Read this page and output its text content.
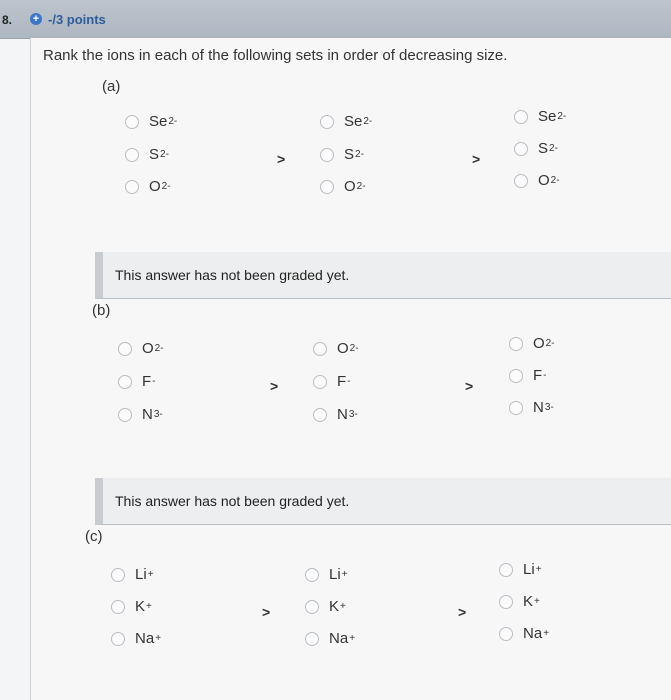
8. + -/3 points
Rank the ions in each of the following sets in order of decreasing size.
(a)
Se 2-
S 2-
O 2-
>
Se 2-
S 2-
O 2-
>
Se 2-
S 2-
O 2-
This answer has not been graded yet.
(b)
O 2-
F -
N 3-
>
O 2-
F -
N 3-
>
O 2-
F -
N 3-
This answer has not been graded yet.
(c)
Li +
K +
Na +
>
Li +
K +
Na +
>
Li +
K +
Na +
